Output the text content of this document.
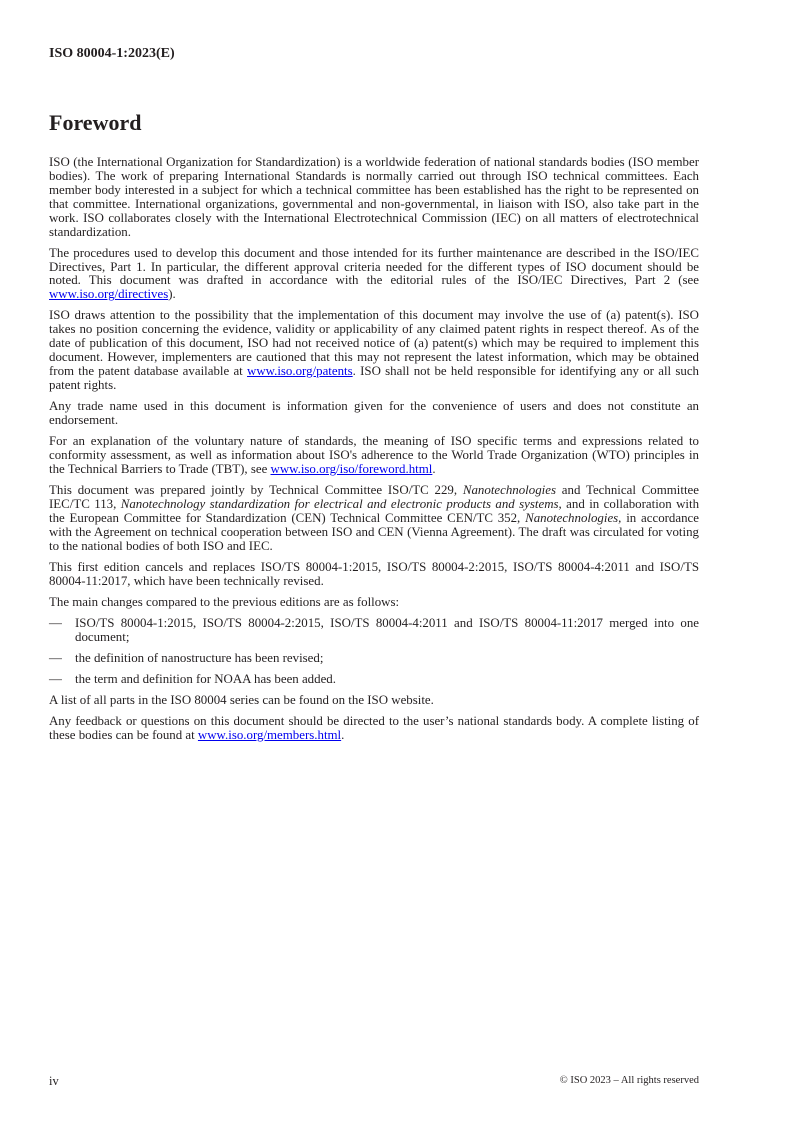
ISO 80004-1:2023(E)
Foreword

ISO (the International Organization for Standardization) is a worldwide federation of national standards bodies (ISO member bodies). The work of preparing International Standards is normally carried out through ISO technical committees. Each member body interested in a subject for which a technical committee has been established has the right to be represented on that committee. International organizations, governmental and non-governmental, in liaison with ISO, also take part in the work. ISO collaborates closely with the International Electrotechnical Commission (IEC) on all matters of electrotechnical standardization.

The procedures used to develop this document and those intended for its further maintenance are described in the ISO/IEC Directives, Part 1. In particular, the different approval criteria needed for the different types of ISO document should be noted. This document was drafted in accordance with the editorial rules of the ISO/IEC Directives, Part 2 (see www.iso.org/directives).

ISO draws attention to the possibility that the implementation of this document may involve the use of (a) patent(s). ISO takes no position concerning the evidence, validity or applicability of any claimed patent rights in respect thereof. As of the date of publication of this document, ISO had not received notice of (a) patent(s) which may be required to implement this document. However, implementers are cautioned that this may not represent the latest information, which may be obtained from the patent database available at www.iso.org/patents. ISO shall not be held responsible for identifying any or all such patent rights.

Any trade name used in this document is information given for the convenience of users and does not constitute an endorsement.

For an explanation of the voluntary nature of standards, the meaning of ISO specific terms and expressions related to conformity assessment, as well as information about ISO's adherence to the World Trade Organization (WTO) principles in the Technical Barriers to Trade (TBT), see www.iso.org/iso/foreword.html.

This document was prepared jointly by Technical Committee ISO/TC 229, Nanotechnologies and Technical Committee IEC/TC 113, Nanotechnology standardization for electrical and electronic products and systems, and in collaboration with the European Committee for Standardization (CEN) Technical Committee CEN/TC 352, Nanotechnologies, in accordance with the Agreement on technical cooperation between ISO and CEN (Vienna Agreement). The draft was circulated for voting to the national bodies of both ISO and IEC.

This first edition cancels and replaces ISO/TS 80004-1:2015, ISO/TS 80004-2:2015, ISO/TS 80004-4:2011 and ISO/TS 80004-11:2017, which have been technically revised.

The main changes compared to the previous editions are as follows:

—	ISO/TS 80004-1:2015, ISO/TS 80004-2:2015, ISO/TS 80004-4:2011 and ISO/TS 80004-11:2017 merged into one document;
—	the definition of nanostructure has been revised;
—	the term and definition for NOAA has been added.

A list of all parts in the ISO 80004 series can be found on the ISO website.

Any feedback or questions on this document should be directed to the user’s national standards body. A complete listing of these bodies can be found at www.iso.org/members.html.

iv	© ISO 2023 – All rights reserved
